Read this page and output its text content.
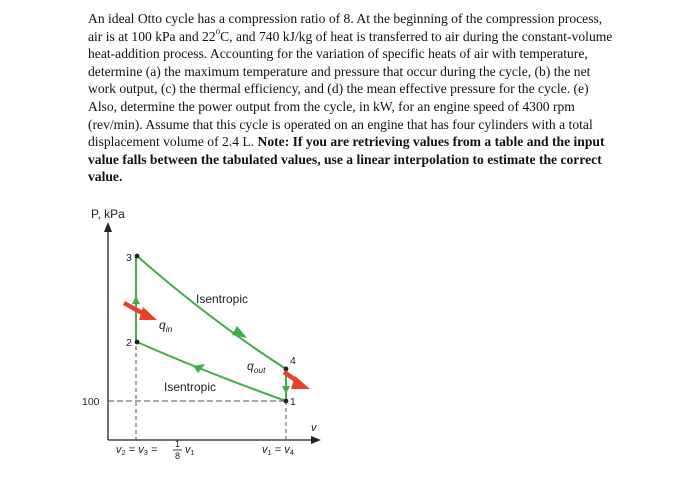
An ideal Otto cycle has a compression ratio of 8. At the beginning of the compression process,
air is at 100 kPa and 22$^o$C, and 740 kJ/kg of heat is transferred to air during the constant-volume
heat-addition process. Accounting for the variation of specific heats of air with temperature,
determine (a) the maximum temperature and pressure that occur during the cycle, (b) the net
work output, (c) the thermal efficiency, and (d) the mean effective pressure for the cycle. (e)
Also, determine the power output from the cycle, in kW, for an engine speed of 4300 rpm
(rev/min). Assume that this cycle is operated on an engine that has four cylinders with a total
displacement volume of 2.4 L. Note: If you are retrieving values from a table and the input
value falls between the tabulated values, use a linear interpolation to estimate the correct
value.

P, kPa
v
100	1
2
3
4
$q_{in}$
$q_{out}$
Isentropic
Isentropic
v2 = v3 = 1
8 v1	v1 = v4
